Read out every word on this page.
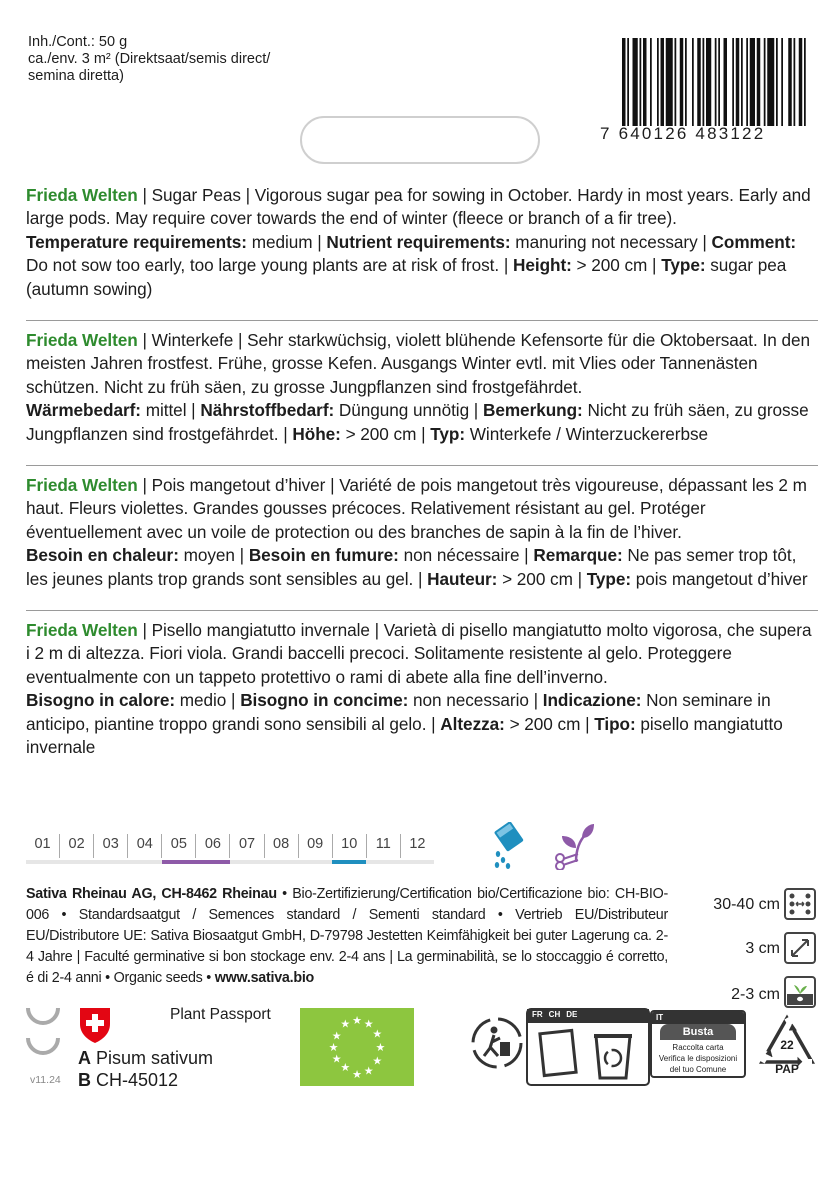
Inh./Cont.: 50 g
ca./env. 3 m² (Direktsaat/semis direct/
semina diretta)
7 640126 483122
Frieda Welten | Sugar Peas | Vigorous sugar pea for sowing in October. Hardy in most years. Early and large pods. May require cover towards the end of winter (fleece or branch of a fir tree).
Temperature requirements: medium | Nutrient requirements: manuring not necessary | Comment: Do not sow too early, too large young plants are at risk of frost. | Height: > 200 cm | Type: sugar pea (autumn sowing)
Frieda Welten | Winterkefe | Sehr starkwüchsig, violett blühende Kefensorte für die Oktobersaat. In den meisten Jahren frostfest. Frühe, grosse Kefen. Ausgangs Winter evtl. mit Vlies oder Tannenästen schützen. Nicht zu früh säen, zu grosse Jungpflanzen sind frostgefährdet.
Wärmebedarf: mittel | Nährstoffbedarf: Düngung unnötig | Bemerkung: Nicht zu früh säen, zu grosse Jungpflanzen sind frostgefährdet. | Höhe: > 200 cm | Typ: Winterkefe / Winterzuckererbse
Frieda Welten | Pois mangetout d’hiver | Variété de pois mangetout très vigoureuse, dépassant les 2 m haut. Fleurs violettes. Grandes gousses précoces. Relativement résistant au gel. Protéger éventuellement avec un voile de protection ou des branches de sapin à la fin de l’hiver.
Besoin en chaleur: moyen | Besoin en fumure: non nécessaire | Remarque: Ne pas semer trop tôt, les jeunes plants trop grands sont sensibles au gel. | Hauteur: > 200 cm | Type: pois mangetout d’hiver
Frieda Welten | Pisello mangiatutto invernale | Varietà di pisello mangiatutto molto vigorosa, che supera i 2 m di altezza. Fiori viola. Grandi baccelli precoci. Solitamente resistente al gelo. Proteggere eventualmente con un tappeto protettivo o rami di abete alla fine dell’inverno.
Bisogno in calore: medio | Bisogno in concime: non necessario | Indicazione: Non seminare in anticipo, piantine troppo grandi sono sensibili al gelo. | Altezza: > 200 cm | Tipo: pisello mangiatutto invernale
01	02	03	04	05	06	07	08	09	10	11	12
Sativa Rheinau AG, CH-8462 Rheinau • Bio-Zertifizierung/Certification bio/Certificazione bio: CH-BIO-006 • Standardsaatgut / Semences standard / Sementi standard • Vertrieb EU/Distributeur EU/Distributore UE: Sativa Biosaatgut GmbH, D-79798 Jestetten Keimfähigkeit bei guter Lagerung ca. 2-4 Jahre | Faculté germinative si bon stockage env. 2-4 ans | La germinabilità, se lo stoccaggio é corretto, é di 2-4 anni • Organic seeds • www.sativa.bio
30-40 cm
3 cm
2-3 cm
v11.24
Plant Passport
A Pisum sativum
B CH-45012
★ ★
★
★
★
★
★
★
★
★
★
★
FR CH DE	IT
Busta
Raccolta carta
Verifica le disposizioni
del tuo Comune
22
PAP
